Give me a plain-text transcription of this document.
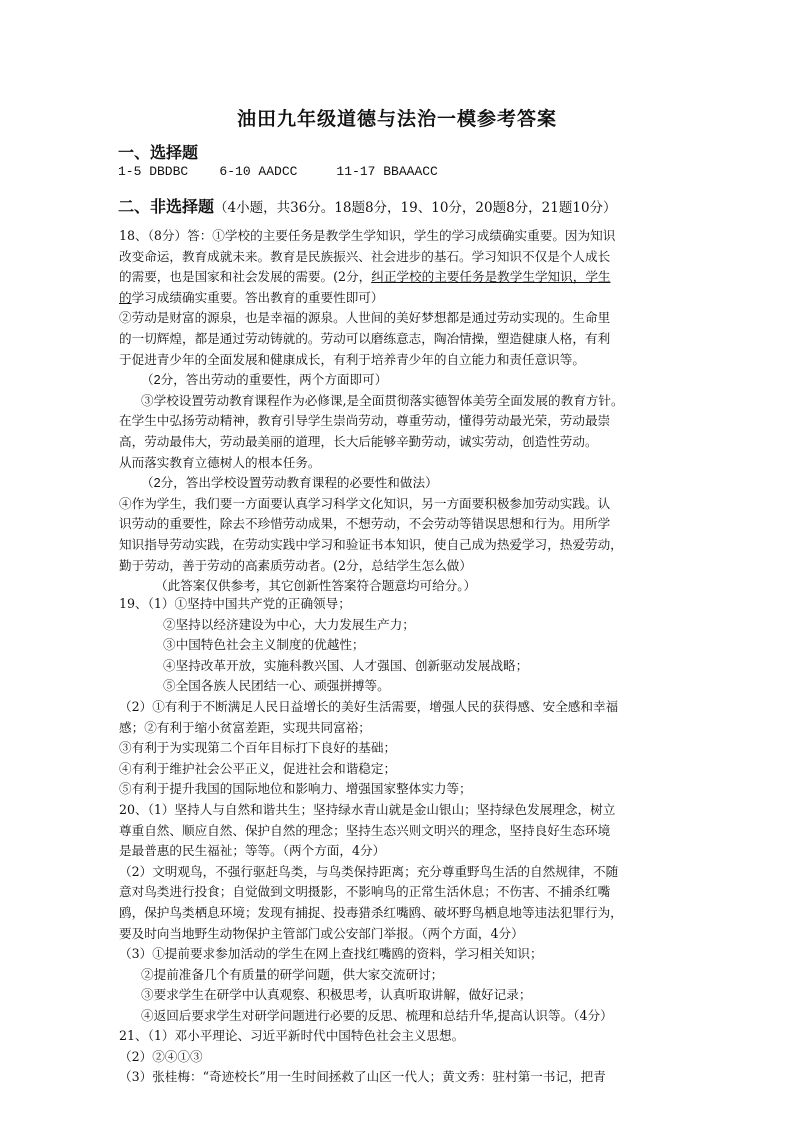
油田九年级道德与法治一模参考答案
一、选择题
1-5 DBDBC    6-10 AADCC     11-17 BBAAACC
二、非选择题（4小题，共36分。18题8分，19、10分，20题8分，21题10分）
18、（8分）答：①学校的主要任务是教学生学知识，学生的学习成绩确实重要。因为知识
改变命运，教育成就未来。教育是民族振兴、社会进步的基石。学习知识不仅是个人成长
的需要，也是国家和社会发展的需要。(2分，纠正学校的主要任务是教学生学知识，学生
的学习成绩确实重要。答出教育的重要性即可）
②劳动是财富的源泉，也是幸福的源泉。人世间的美好梦想都是通过劳动实现的。生命里
的一切辉煌，都是通过劳动铸就的。劳动可以磨练意志，陶冶情操，塑造健康人格，有利
于促进青少年的全面发展和健康成长，有利于培养青少年的自立能力和责任意识等。
（2分，答出劳动的重要性，两个方面即可）
③学校设置劳动教育课程作为必修课,是全面贯彻落实德智体美劳全面发展的教育方针。
在学生中弘扬劳动精神，教育引导学生崇尚劳动，尊重劳动，懂得劳动最光荣，劳动最崇
高，劳动最伟大，劳动最美丽的道理，长大后能够辛勤劳动，诚实劳动，创造性劳动。
从而落实教育立德树人的根本任务。
（2分，答出学校设置劳动教育课程的必要性和做法）
④作为学生，我们要一方面要认真学习科学文化知识，另一方面要积极参加劳动实践。认
识劳动的重要性，除去不珍惜劳动成果，不想劳动，不会劳动等错误思想和行为。用所学
知识指导劳动实践，在劳动实践中学习和验证书本知识，使自己成为热爱学习，热爱劳动，
勤于劳动，善于劳动的高素质劳动者。(2分，总结学生怎么做）
（此答案仅供参考，其它创新性答案符合题意均可给分。）
19、（1）①坚持中国共产党的正确领导；
②坚持以经济建设为中心，大力发展生产力；
③中国特色社会主义制度的优越性；
④坚持改革开放，实施科教兴国、人才强国、创新驱动发展战略；
⑤全国各族人民团结一心、顽强拼搏等。
（2）①有利于不断满足人民日益增长的美好生活需要，增强人民的获得感、安全感和幸福
感；②有利于缩小贫富差距，实现共同富裕；
③有利于为实现第二个百年目标打下良好的基础；
④有利于维护社会公平正义，促进社会和谐稳定；
⑤有利于提升我国的国际地位和影响力、增强国家整体实力等；
20、（1）坚持人与自然和谐共生；坚持绿水青山就是金山银山；坚持绿色发展理念，树立
尊重自然、顺应自然、保护自然的理念；坚持生态兴则文明兴的理念，坚持良好生态环境
是最普惠的民生福祉；等等。（两个方面，4分）
（2）文明观鸟，不强行驱赶鸟类，与鸟类保持距离；充分尊重野鸟生活的自然规律，不随
意对鸟类进行投食；自觉做到文明摄影，不影响鸟的正常生活休息；不伤害、不捕杀红嘴
鸥，保护鸟类栖息环境；发现有捕捉、投毒猎杀红嘴鸥、破坏野鸟栖息地等违法犯罪行为，
要及时向当地野生动物保护主管部门或公安部门举报。（两个方面，4分）
（3）①提前要求参加活动的学生在网上查找红嘴鸥的资料，学习相关知识；
②提前准备几个有质量的研学问题，供大家交流研讨；
③要求学生在研学中认真观察、积极思考，认真听取讲解，做好记录；
④返回后要求学生对研学问题进行必要的反思、梳理和总结升华,提高认识等。（4分）
21、（1）邓小平理论、习近平新时代中国特色社会主义思想。
（2）②④①③
（3）张桂梅：“奇迹校长”用一生时间拯救了山区一代人；黄文秀：驻村第一书记，把青
